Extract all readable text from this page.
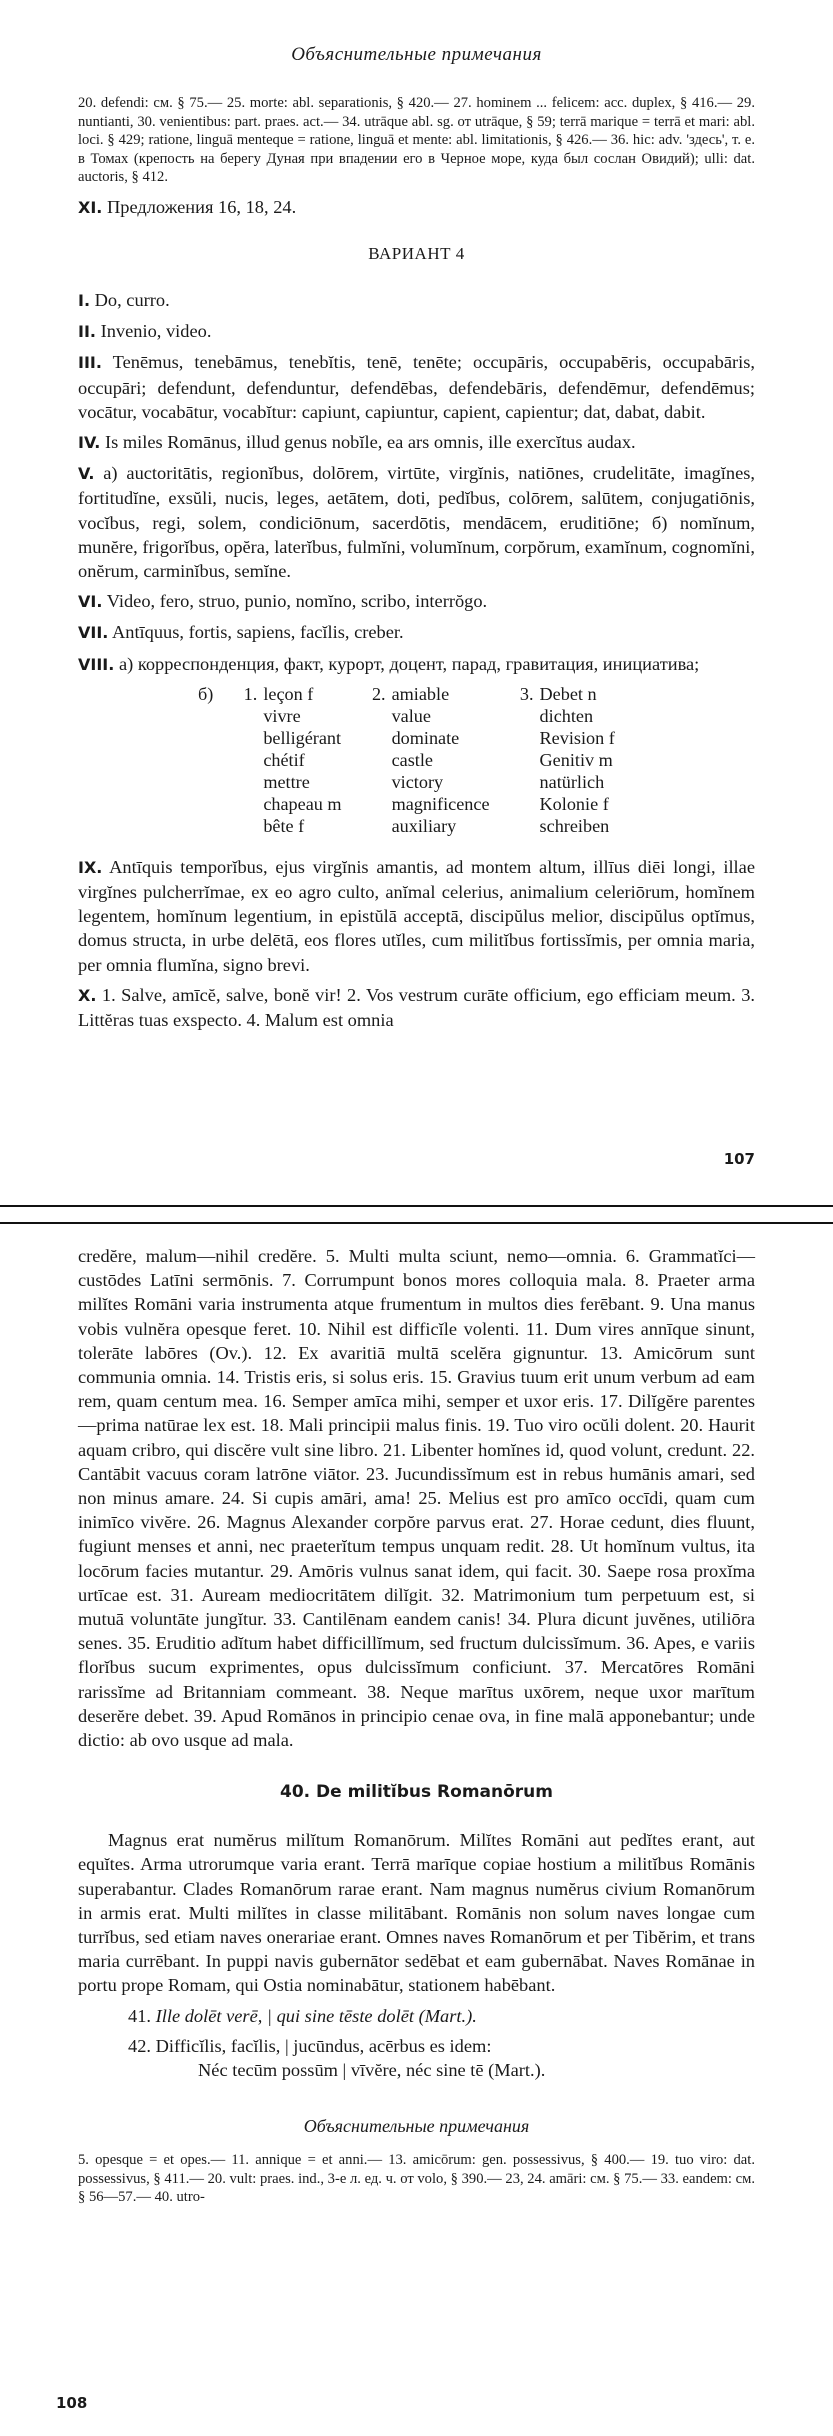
Объяснительные примечания

20. defendi: см. § 75.— 25. morte: abl. separationis, § 420.— 27. hominem ... felicem: acc. duplex, § 416.— 29. nuntianti, 30. venientibus: part. praes. act.— 34. utrāque abl. sg. от utrāque, § 59; terrā marique = terrā et mari: abl. loci. § 429; ratione, linguā menteque = ratione, linguā et mente: abl. limitationis, § 426.— 36. hic: adv. 'здесь', т. е. в Томах (крепость на берегу Дуная при впадении его в Черное море, куда был сослан Овидий); ulli: dat. auctoris, § 412.

XI. Предложения 16, 18, 24.

ВАРИАНТ 4

I. Do, curro.

II. Invenio, video.

III. Tenēmus, tenebāmus, tenebĭtis, tenē, tenēte; occupāris, occupabēris, occupabāris, occupāri; defendunt, defenduntur, defendēbas, defendebāris, defendēmur, defendēmus; vocātur, vocabātur, vocabĭtur: capiunt, capiuntur, capient, capientur; dat, dabat, dabit.

IV. Is miles Romānus, illud genus nobĭle, ea ars omnis, ille exercĭtus audax.

V. a) auctoritātis, regionĭbus, dolōrem, virtūte, virgĭnis, natiōnes, crudelitāte, imagĭnes, fortitudĭne, exsŭli, nucis, leges, aetātem, doti, pedĭbus, colōrem, salūtem, conjugatiōnis, vocĭbus, regi, solem, condiciōnum, sacerdōtis, mendācem, eruditiōne; б) nomĭnum, munĕre, frigorĭbus, opĕra, laterĭbus, fulmĭni, volumĭnum, corpŏrum, examĭnum, cognomĭni, onĕrum, carminĭbus, semĭne.

VI. Video, fero, struo, punio, nomĭno, scribo, interrŏgo.

VII. Antīquus, fortis, sapiens, facĭlis, creber.

VIII. а) корреспонденция, факт, курорт, доцент, парад, гравитация, инициатива;

б)	1.	leçon f	2.	amiable	3.	Debet n
		vivre		value		dichten
		belligérant		dominate		Revision f
		chétif		castle		Genitiv m
		mettre		victory		natürlich
		chapeau m		magnificence		Kolonie f
		bête f		auxiliary		schreiben

IX. Antīquis temporĭbus, ejus virgĭnis amantis, ad montem altum, illīus diēi longi, illae virgĭnes pulcherrĭmae, ex eo agro culto, anĭmal celerius, animalium celeriōrum, homĭnem legentem, homĭnum legentium, in epistŭlā acceptā, discipŭlus melior, discipŭlus optĭmus, domus structa, in urbe delētā, eos flores utĭles, cum militĭbus fortissĭmis, per omnia maria, per omnia flumĭna, signo brevi.

X. 1. Salve, amīcĕ, salve, bonĕ vir! 2. Vos vestrum curāte officium, ego efficiam meum. 3. Littĕras tuas exspecto. 4. Malum est omnia

107

credĕre, malum—nihil credĕre. 5. Multi multa sciunt, nemo—omnia. 6. Grammatĭci—custōdes Latīni sermōnis. 7. Corrumpunt bonos mores colloquia mala. 8. Praeter arma milĭtes Romāni varia instrumenta atque frumentum in multos dies ferēbant. 9. Una manus vobis vulnĕra opesque feret. 10. Nihil est difficĭle volenti. 11. Dum vires annīque sinunt, tolerāte labōres (Ov.). 12. Ex avaritiā multā scelĕra gignuntur. 13. Amicōrum sunt communia omnia. 14. Tristis eris, si solus eris. 15. Gravius tuum erit unum verbum ad eam rem, quam centum mea. 16. Semper amīca mihi, semper et uxor eris. 17. Dilĭgĕre parentes—prima natūrae lex est. 18. Mali principii malus finis. 19. Tuo viro ocŭli dolent. 20. Haurit aquam cribro, qui discĕre vult sine libro. 21. Libenter homĭnes id, quod volunt, credunt. 22. Cantābit vacuus coram latrōne viātor. 23. Jucundissĭmum est in rebus humānis amari, sed non minus amare. 24. Si cupis amāri, ama! 25. Melius est pro amīco occīdi, quam cum inimīco vivĕre. 26. Magnus Alexander corpŏre parvus erat. 27. Horae cedunt, dies fluunt, fugiunt menses et anni, nec praeterĭtum tempus unquam redit. 28. Ut homĭnum vultus, ita locōrum facies mutantur. 29. Amōris vulnus sanat idem, qui facit. 30. Saepe rosa proxĭma urtīcae est. 31. Auream mediocritātem dilĭgit. 32. Matrimonium tum perpetuum est, si mutuā voluntāte jungĭtur. 33. Cantilēnam eandem canis! 34. Plura dicunt juvĕnes, utiliōra senes. 35. Eruditio adĭtum habet difficillĭmum, sed fructum dulcissĭmum. 36. Apes, e variis florĭbus sucum exprimentes, opus dulcissĭmum conficiunt. 37. Mercatōres Romāni rarissĭme ad Britanniam commeant. 38. Neque marītus uxōrem, neque uxor marītum deserĕre debet. 39. Apud Romānos in principio cenae ova, in fine malā apponebantur; unde dictio: ab ovo usque ad mala.

40. De militĭbus Romanōrum

Magnus erat numĕrus milĭtum Romanōrum. Milĭtes Romāni aut pedĭtes erant, aut equĭtes. Arma utrorumque varia erant. Terrā marīque copiae hostium a militĭbus Romānis superabantur. Clades Romanōrum rarae erant. Nam magnus numĕrus civium Romanōrum in armis erat. Multi milĭtes in classe militābant. Romānis non solum naves longae cum turrĭbus, sed etiam naves onerariae erant. Omnes naves Romanōrum et per Tibĕrim, et trans maria currēbant. In puppi navis gubernātor sedēbat et eam gubernābat. Naves Romānae in portu prope Romam, qui Ostia nominabātur, stationem habēbant.

41. Ille dolēt verē, | qui sine tēste dolēt (Mart.).

42. Difficĭlis, facĭlis, | jucūndus, acērbus es idem:

Néc tecūm possūm | vīvĕre, néc sine tē (Mart.).

Объяснительные примечания

5. opesque = et opes.— 11. annique = et anni.— 13. amicōrum: gen. possessivus, § 400.— 19. tuo viro: dat. possessivus, § 411.— 20. vult: praes. ind., 3-е л. ед. ч. от volo, § 390.— 23, 24. amāri: см. § 75.— 33. eandem: см. § 56—57.— 40. utro-

108
